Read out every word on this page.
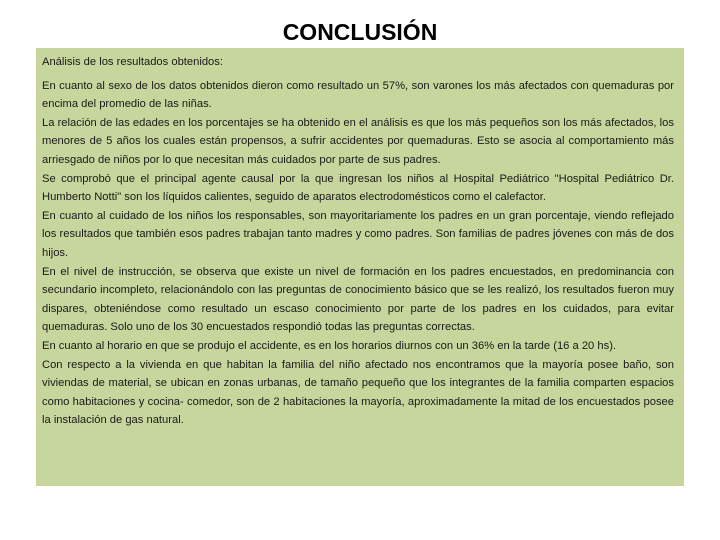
CONCLUSIÓN

Análisis de los resultados obtenidos:

En cuanto al sexo de los datos obtenidos dieron como resultado un 57%, son varones los más afectados con quemaduras por encima del promedio de las niñas.

La relación de las edades en los porcentajes se ha obtenido en el análisis es que los más pequeños son los más afectados, los menores de 5 años los cuales están propensos, a sufrir accidentes por quemaduras. Esto se asocia al comportamiento más arriesgado de niños por lo que necesitan más cuidados por parte de sus padres.

Se comprobó que el principal agente causal por la que ingresan los niños al Hospital Pediátrico "Hospital Pediátrico Dr. Humberto Notti" son los líquidos calientes, seguido de aparatos electrodomésticos como el calefactor.

En cuanto al cuidado de los niños los responsables, son mayoritariamente los padres en un gran porcentaje, viendo reflejado los resultados que también esos padres trabajan tanto madres y como padres. Son familias de padres jóvenes con más de dos hijos.

En el nivel de instrucción, se observa que existe un nivel de formación en los padres encuestados, en predominancia con secundario incompleto, relacionándolo con las preguntas de conocimiento básico que se les realizó, los resultados fueron muy dispares, obteniéndose como resultado un escaso conocimiento por parte de los padres en los cuidados, para evitar quemaduras. Solo uno de los 30 encuestados respondió todas las preguntas correctas.

En cuanto al horario en que se produjo el accidente, es en los horarios diurnos con un 36% en la tarde (16 a 20 hs).

Con respecto a la vivienda en que habitan la familia del niño afectado nos encontramos que la mayoría posee baño, son viviendas de material, se ubican en zonas urbanas, de tamaño pequeño que los integrantes de la familia comparten espacios como habitaciones y cocina- comedor, son de 2 habitaciones la mayoría, aproximadamente la mitad de los encuestados posee la instalación de gas natural.
